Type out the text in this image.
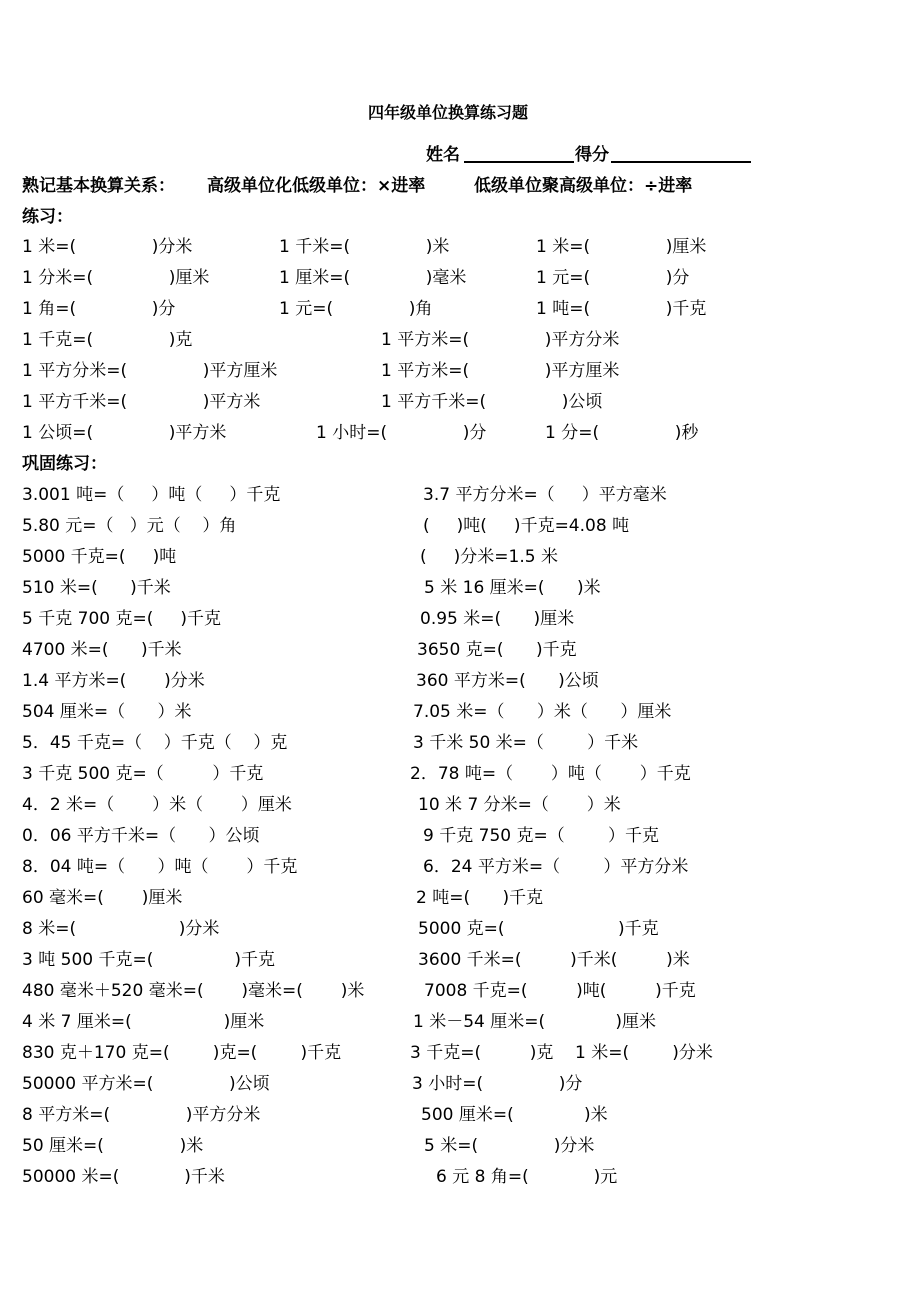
四年级单位换算练习题
姓名	得分
熟记基本换算关系： 高级单位化低级单位：×进率	低级单位聚高级单位：÷进率
练习：
1 米=(              )分米	1 千米=(              )米	1 米=(              )厘米
1 分米=(              )厘米	1 厘米=(              )毫米	1 元=(              )分
1 角=(              )分	1 元=(              )角	1 吨=(              )千克
1 千克=(              )克	1 平方米=(              )平方分米
1 平方分米=(              )平方厘米	1 平方米=(              )平方厘米
1 平方千米=(              )平方米	1 平方千米=(              )公顷
1 公顷=(              )平方米	1 小时=(              )分	1 分=(              )秒
巩固练习：
3.001 吨=（     ）吨（     ）千克	3.7 平方分米=（     ）平方毫米
5.80 元=（   ）元（    ）角	(     )吨(     )千克=4.08 吨
5000 千克=(     )吨	(     )分米=1.5 米
510 米=(      )千米	5 米 16 厘米=(      )米
5 千克 700 克=(     )千克	0.95 米=(      )厘米
4700 米=(      )千米	3650 克=(      )千克
1.4 平方米=(       )分米	360 平方米=(      )公顷
504 厘米=（      ）米	7.05 米=（      ）米（      ）厘米
5．45 千克=（    ）千克（    ）克	3 千米 50 米=（        ）千米
3 千克 500 克=（         ）千克	2．78 吨=（       ）吨（       ）千克
4．2 米=（       ）米（       ）厘米	10 米 7 分米=（       ）米
0．06 平方千米=（      ）公顷	9 千克 750 克=（        ）千克
8．04 吨=（      ）吨（       ）千克	6．24 平方米=（        ）平方分米
60 毫米=(       )厘米	2 吨=(      )千克
8 米=(                   )分米	5000 克=(                     )千克
3 吨 500 千克=(               )千克	3600 千米=(         )千米(         )米
480 毫米＋520 毫米=(       )毫米=(       )米	7008 千克=(         )吨(         )千克
4 米 7 厘米=(                 )厘米	1 米－54 厘米=(             )厘米
830 克＋170 克=(        )克=(        )千克	3 千克=(         )克    1 米=(        )分米
50000 平方米=(              )公顷	3 小时=(              )分
8 平方米=(              )平方分米	500 厘米=(             )米
50 厘米=(              )米	5 米=(              )分米
50000 米=(            )千米	6 元 8 角=(            )元
